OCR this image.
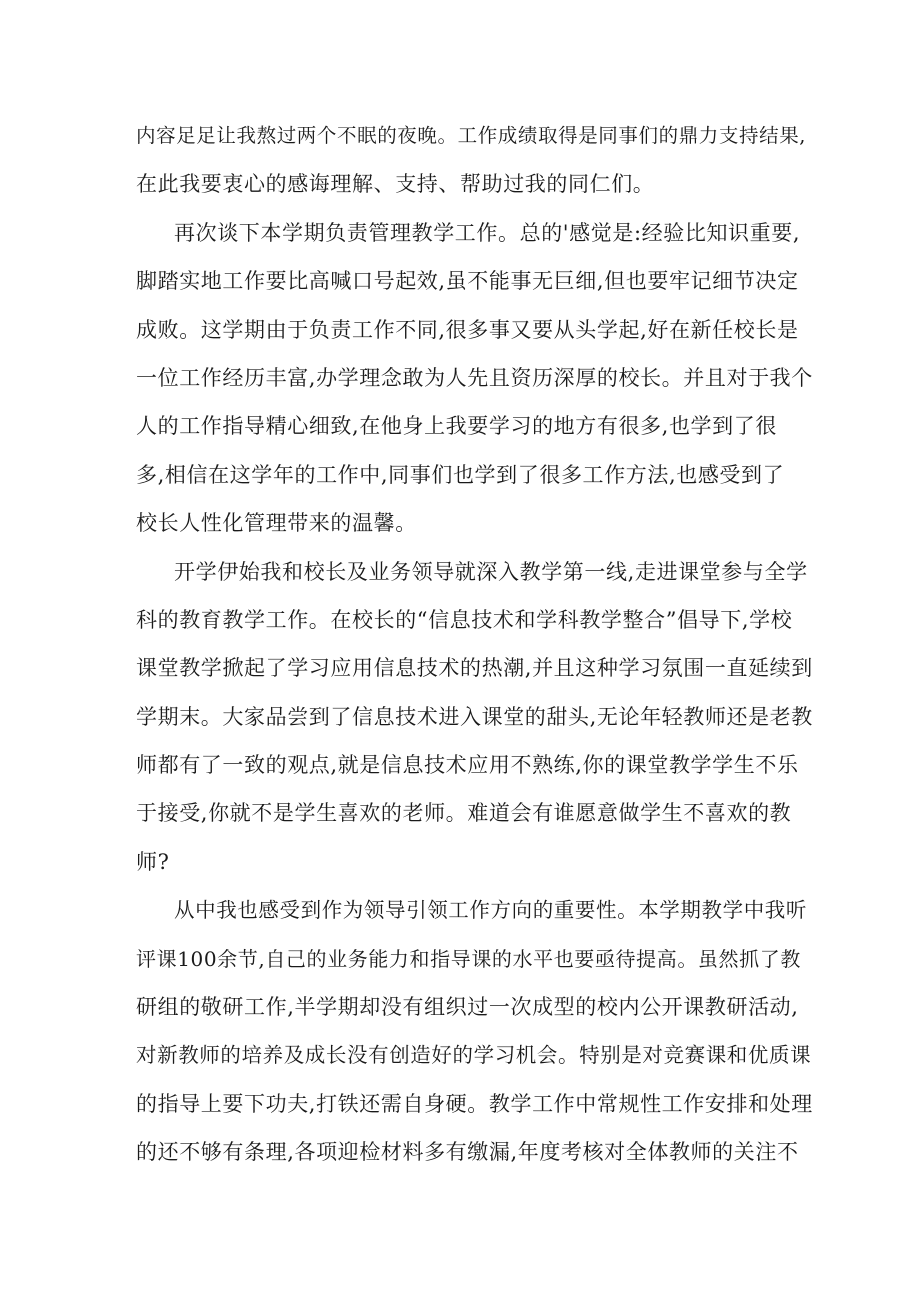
内容足足让我熬过两个不眠的夜晚。工作成绩取得是同事们的鼎力支持结果,
在此我要衷心的感诲理解、支持、帮助过我的同仁们。
再次谈下本学期负责管理教学工作。总的'感觉是:经验比知识重要,
脚踏实地工作要比高喊口号起效,虽不能事无巨细,但也要牢记细节决定
成败。这学期由于负责工作不同,很多事又要从头学起,好在新任校长是
一位工作经历丰富,办学理念敢为人先且资历深厚的校长。并且对于我个
人的工作指导精心细致,在他身上我要学习的地方有很多,也学到了很
多,相信在这学年的工作中,同事们也学到了很多工作方法,也感受到了
校长人性化管理带来的温馨。
开学伊始我和校长及业务领导就深入教学第一线,走进课堂参与全学
科的教育教学工作。在校长的“信息技术和学科教学整合”倡导下,学校
课堂教学掀起了学习应用信息技术的热潮,并且这种学习氛围一直延续到
学期末。大家品尝到了信息技术进入课堂的甜头,无论年轻教师还是老教
师都有了一致的观点,就是信息技术应用不熟练,你的课堂教学学生不乐
于接受,你就不是学生喜欢的老师。难道会有谁愿意做学生不喜欢的教
师?
从中我也感受到作为领导引领工作方向的重要性。本学期教学中我听
评课100余节,自己的业务能力和指导课的水平也要亟待提高。虽然抓了教
研组的敬研工作,半学期却没有组织过一次成型的校内公开课教研活动,
对新教师的培养及成长没有创造好的学习机会。特别是对竞赛课和优质课
的指导上要下功夫,打铁还需自身硬。教学工作中常规性工作安排和处理
的还不够有条理,各项迎检材料多有缴漏,年度考核对全体教师的关注不
